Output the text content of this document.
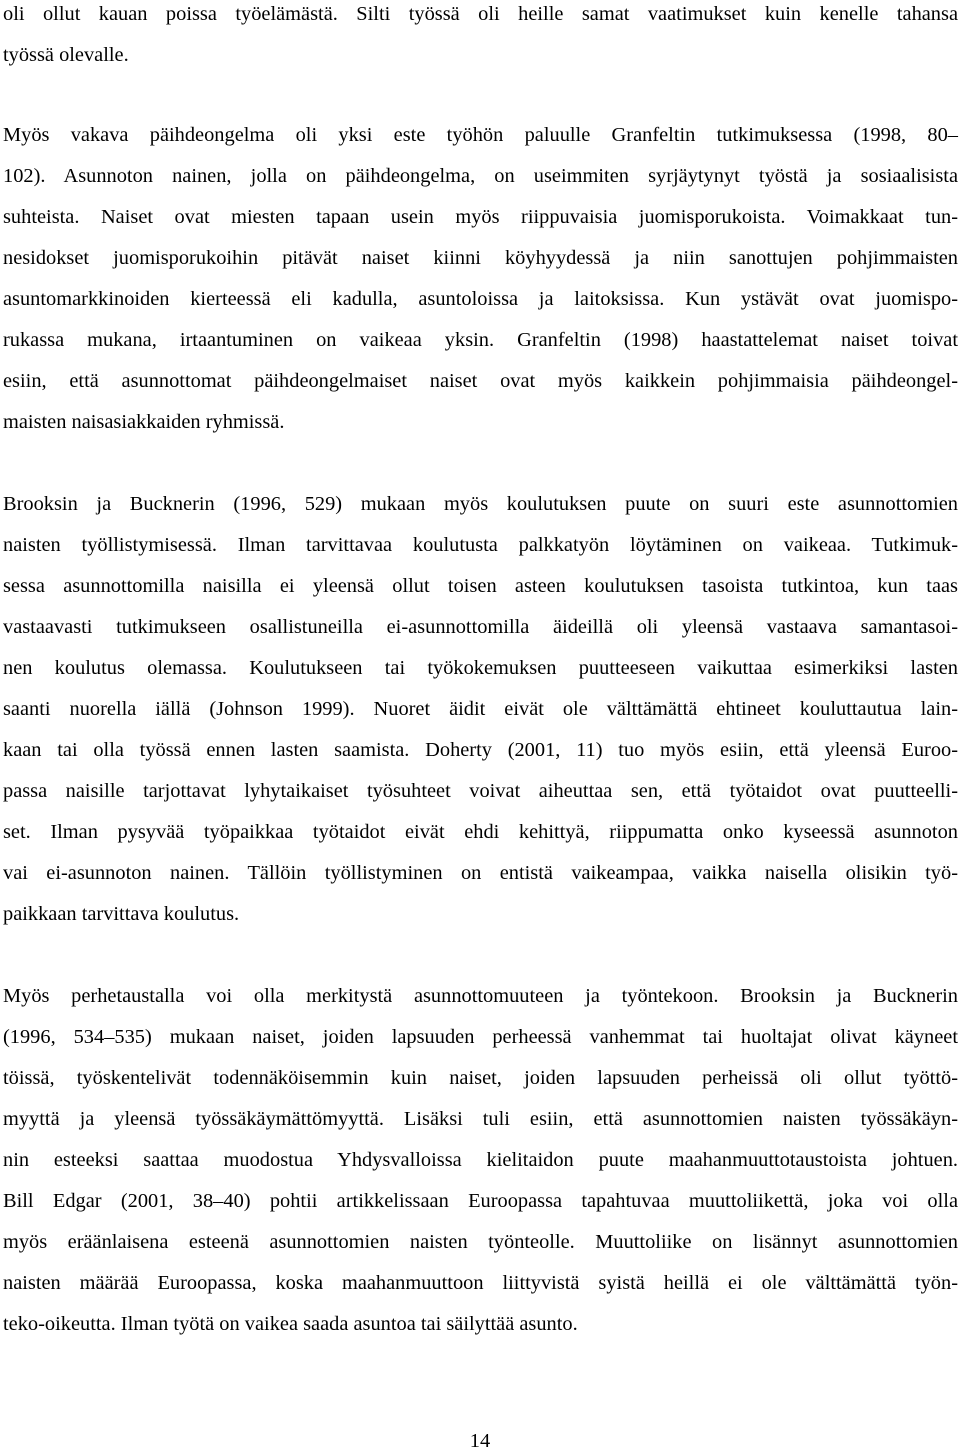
oli ollut kauan poissa työelämästä. Silti työssä oli heille samat vaatimukset kuin kenelle tahansa
työssä olevalle.
Myös vakava päihdeongelma oli yksi este työhön paluulle Granfeltin tutkimuksessa (1998, 80–
102). Asunnoton nainen, jolla on päihdeongelma, on useimmiten syrjäytynyt työstä ja sosiaalisista
suhteista. Naiset ovat miesten tapaan usein myös riippuvaisia juomisporukoista. Voimakkaat tun-
nesidokset juomisporukoihin pitävät naiset kiinni köyhyydessä ja niin sanottujen pohjimmaisten
asuntomarkkinoiden kierteessä eli kadulla, asuntoloissa ja laitoksissa. Kun ystävät ovat juomispo-
rukassa mukana, irtaantuminen on vaikeaa yksin. Granfeltin (1998) haastattelemat naiset toivat
esiin, että asunnottomat päihdeongelmaiset naiset ovat myös kaikkein pohjimmaisia päihdeongel-
maisten naisasiakkaiden ryhmissä.
Brooksin ja Bucknerin (1996, 529) mukaan myös koulutuksen puute on suuri este asunnottomien
naisten työllistymisessä. Ilman tarvittavaa koulutusta palkkatyön löytäminen on vaikeaa. Tutkimuk-
sessa asunnottomilla naisilla ei yleensä ollut toisen asteen koulutuksen tasoista tutkintoa, kun taas
vastaavasti tutkimukseen osallistuneilla ei-asunnottomilla äideillä oli yleensä vastaava samantasoi-
nen koulutus olemassa. Koulutukseen tai työkokemuksen puutteeseen vaikuttaa esimerkiksi lasten
saanti nuorella iällä (Johnson 1999). Nuoret äidit eivät ole välttämättä ehtineet kouluttautua lain-
kaan tai olla työssä ennen lasten saamista. Doherty (2001, 11) tuo myös esiin, että yleensä Euroo-
passa naisille tarjottavat lyhytaikaiset työsuhteet voivat aiheuttaa sen, että työtaidot ovat puutteelli-
set. Ilman pysyvää työpaikkaa työtaidot eivät ehdi kehittyä, riippumatta onko kyseessä asunnoton
vai ei-asunnoton nainen. Tällöin työllistyminen on entistä vaikeampaa, vaikka naisella olisikin työ-
paikkaan tarvittava koulutus.
Myös perhetaustalla voi olla merkitystä asunnottomuuteen ja työntekoon. Brooksin ja Bucknerin
(1996, 534–535) mukaan naiset, joiden lapsuuden perheessä vanhemmat tai huoltajat olivat käyneet
töissä, työskentelivät todennäköisemmin kuin naiset, joiden lapsuuden perheissä oli ollut työttö-
myyttä ja yleensä työssäkäymättömyyttä. Lisäksi tuli esiin, että asunnottomien naisten työssäkäyn-
nin esteeksi saattaa muodostua Yhdysvalloissa kielitaidon puute maahanmuuttotaustoista johtuen.
Bill Edgar (2001, 38–40) pohtii artikkelissaan Euroopassa tapahtuvaa muuttoliikettä, joka voi olla
myös eräänlaisena esteenä asunnottomien naisten työnteolle. Muuttoliike on lisännyt asunnottomien
naisten määrää Euroopassa, koska maahanmuuttoon liittyvistä syistä heillä ei ole välttämättä työn-
teko-oikeutta. Ilman työtä on vaikea saada asuntoa tai säilyttää asunto.
14
